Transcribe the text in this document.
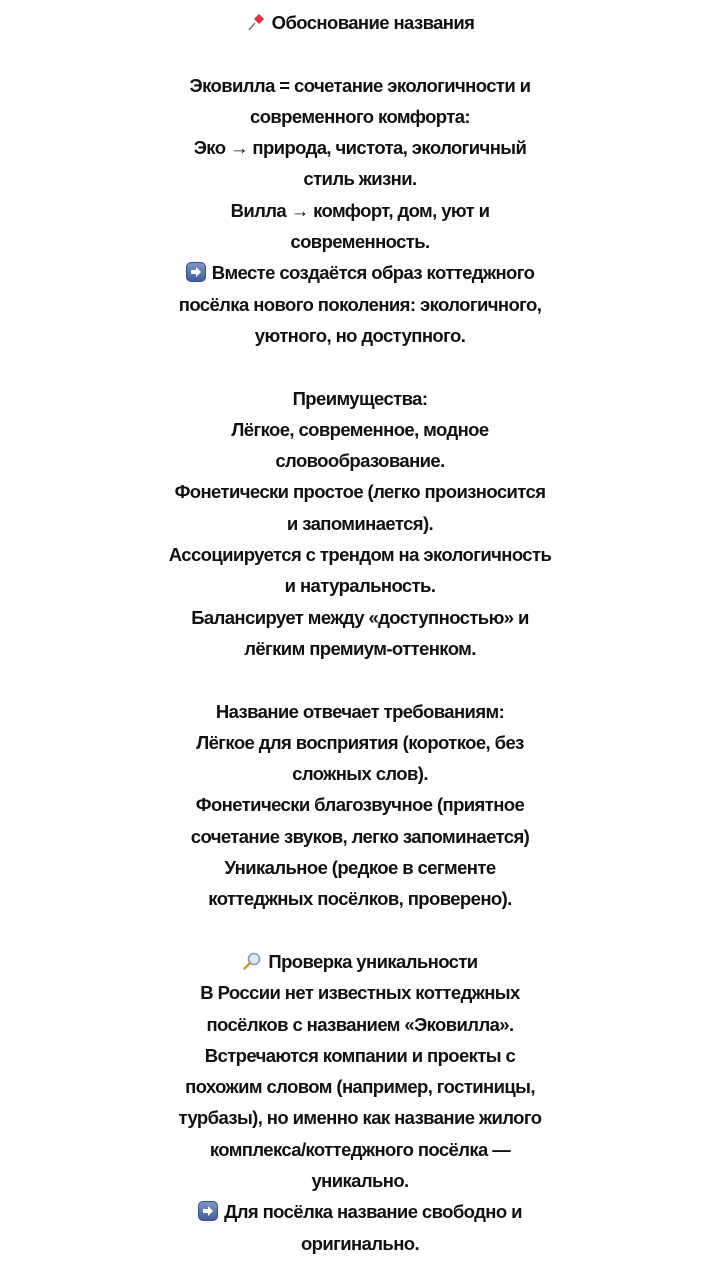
Обоснование названия
Эковилла = сочетание экологичности и
современного комфорта:
Эко → природа, чистота, экологичный
стиль жизни.
Вилла → комфорт, дом, уют и
современность.
Вместе создаётся образ коттеджного
посёлка нового поколения: экологичного,
уютного, но доступного.
Преимущества:
Лёгкое, современное, модное
словообразование.
Фонетически простое (легко произносится
и запоминается).
Ассоциируется с трендом на экологичность
и натуральность.
Балансирует между «доступностью» и
лёгким премиум-оттенком.
Название отвечает требованиям:
Лёгкое для восприятия (короткое, без
сложных слов).
Фонетически благозвучное (приятное
сочетание звуков, легко запоминается)
Уникальное (редкое в сегменте
коттеджных посёлков, проверено).
Проверка уникальности
В России нет известных коттеджных
посёлков с названием «Эковилла».
Встречаются компании и проекты с
похожим словом (например, гостиницы,
турбазы), но именно как название жилого
комплекса/коттеджного посёлка —
уникально.
Для посёлка название свободно и
оригинально.
